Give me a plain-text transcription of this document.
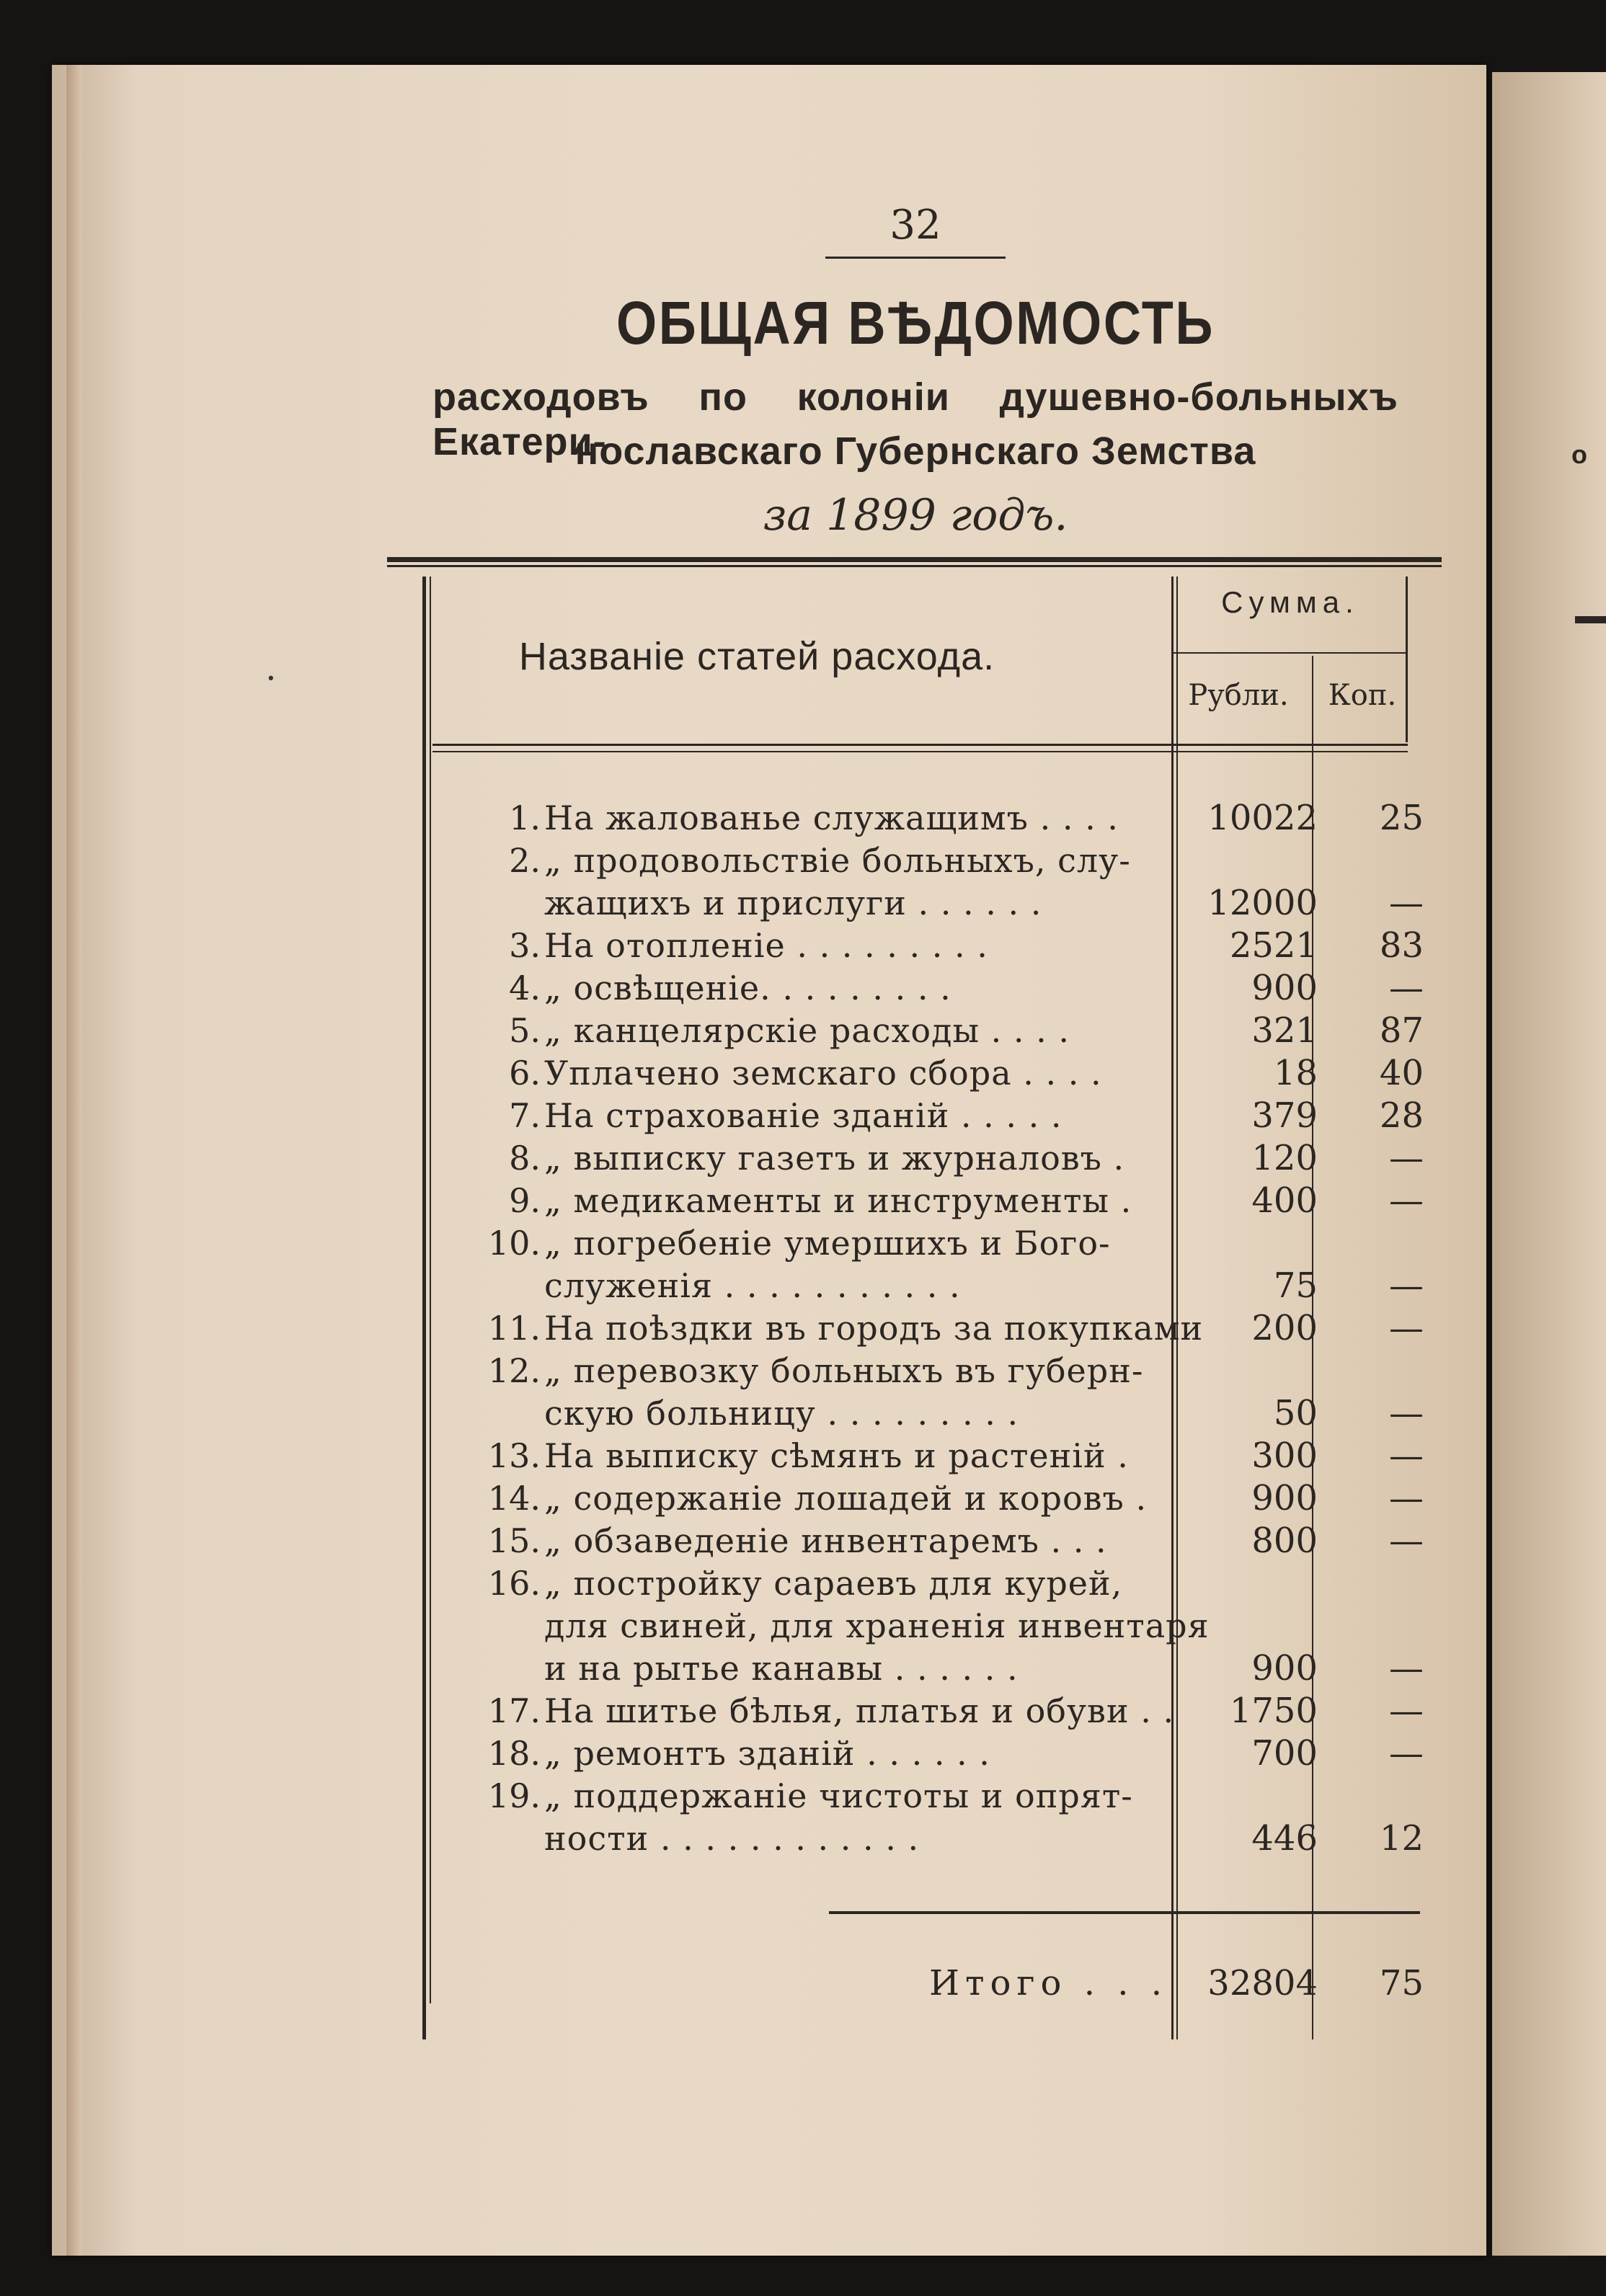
о
•
32
ОБЩАЯ ВѢДОМОСТЬ
расходовъ по колоніи душевно-больныхъ Екатери-
нославскаго Губернскаго Земства
за 1899 годъ.
Названіе статей расхода.
Сумма.
Рубли.	Коп.
1. На жалованье служащимъ . . . .	10022	25
2. „ продовольствіе больныхъ, слу-
жащихъ и прислуги . . . . . .	12000	—
3. На отопленіе . . . . . . . . .	2521	83
4. „ освѣщеніе. . . . . . . . .	900	—
5. „ канцелярскіе расходы . . . .	321	87
6. Уплачено земскаго сбора . . . .	18	40
7. На страхованіе зданій . . . . .	379	28
8. „ выписку газетъ и журналовъ .	120	—
9. „ медикаменты и инструменты .	400	—
10. „ погребеніе умершихъ и Бого-
служенія . . . . . . . . . . .	75	—
11. На поѣздки въ городъ за покупками	200	—
12. „ перевозку больныхъ въ губерн-
скую больницу . . . . . . . . .	50	—
13. На выписку сѣмянъ и растеній .	300	—
14. „ содержаніе лошадей и коровъ .	900	—
15. „ обзаведеніе инвентаремъ . . .	800	—
16. „ постройку сараевъ для курей,
для свиней, для храненія инвентаря
и на рытье канавы . . . . . .	900	—
17. На шитье бѣлья, платья и обуви . .	1750	—
18. „ ремонтъ зданій . . . . . .	700	—
19. „ поддержаніе чистоты и опрят-
ности . . . . . . . . . . . .	446	12
Итого . . .	32804	75
